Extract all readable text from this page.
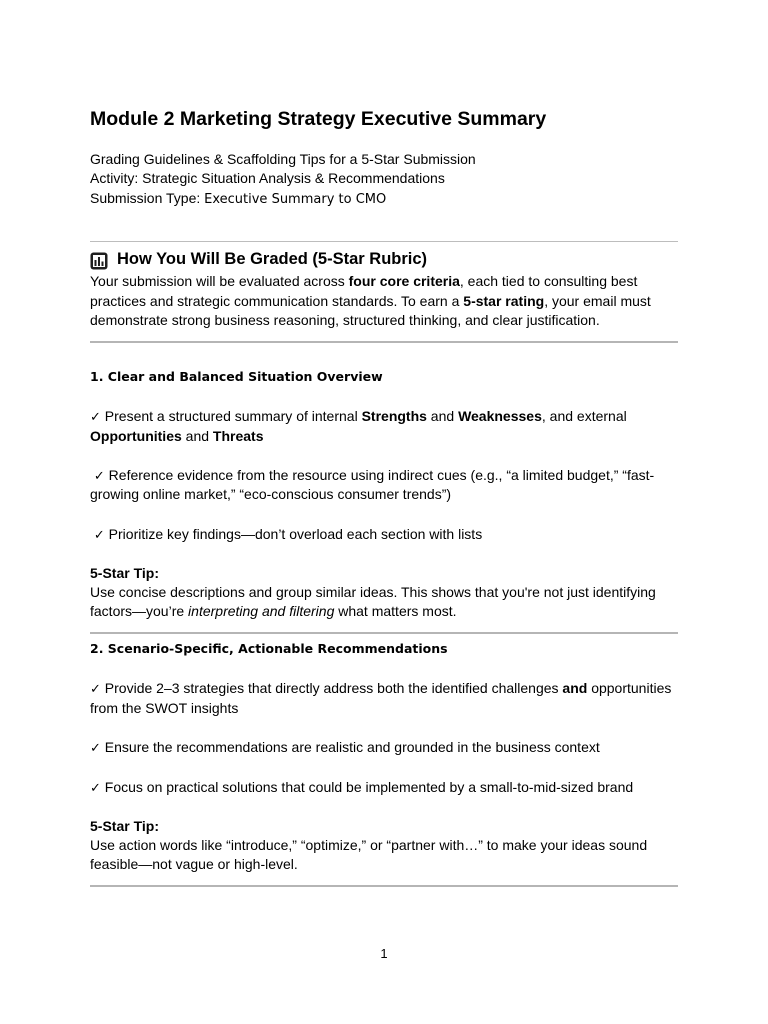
Module 2 Marketing Strategy Executive Summary
Grading Guidelines & Scaffolding Tips for a 5-Star Submission
Activity: Strategic Situation Analysis & Recommendations
Submission Type: Executive Summary to CMO
How You Will Be Graded (5-Star Rubric)
Your submission will be evaluated across four core criteria, each tied to consulting best practices and strategic communication standards. To earn a 5-star rating, your email must demonstrate strong business reasoning, structured thinking, and clear justification.
1. Clear and Balanced Situation Overview
✓ Present a structured summary of internal Strengths and Weaknesses, and external
Opportunities and Threats
✓ Reference evidence from the resource using indirect cues (e.g., “a limited budget,” “fast-
growing online market,” “eco-conscious consumer trends”)
✓ Prioritize key findings—don’t overload each section with lists
5-Star Tip:
Use concise descriptions and group similar ideas. This shows that you're not just identifying
factors—you’re interpreting and filtering what matters most.
2. Scenario-Specific, Actionable Recommendations
✓ Provide 2–3 strategies that directly address both the identified challenges and opportunities
from the SWOT insights
✓ Ensure the recommendations are realistic and grounded in the business context
✓ Focus on practical solutions that could be implemented by a small-to-mid-sized brand
5-Star Tip:
Use action words like “introduce,” “optimize,” or “partner with…” to make your ideas sound
feasible—not vague or high-level.
1
